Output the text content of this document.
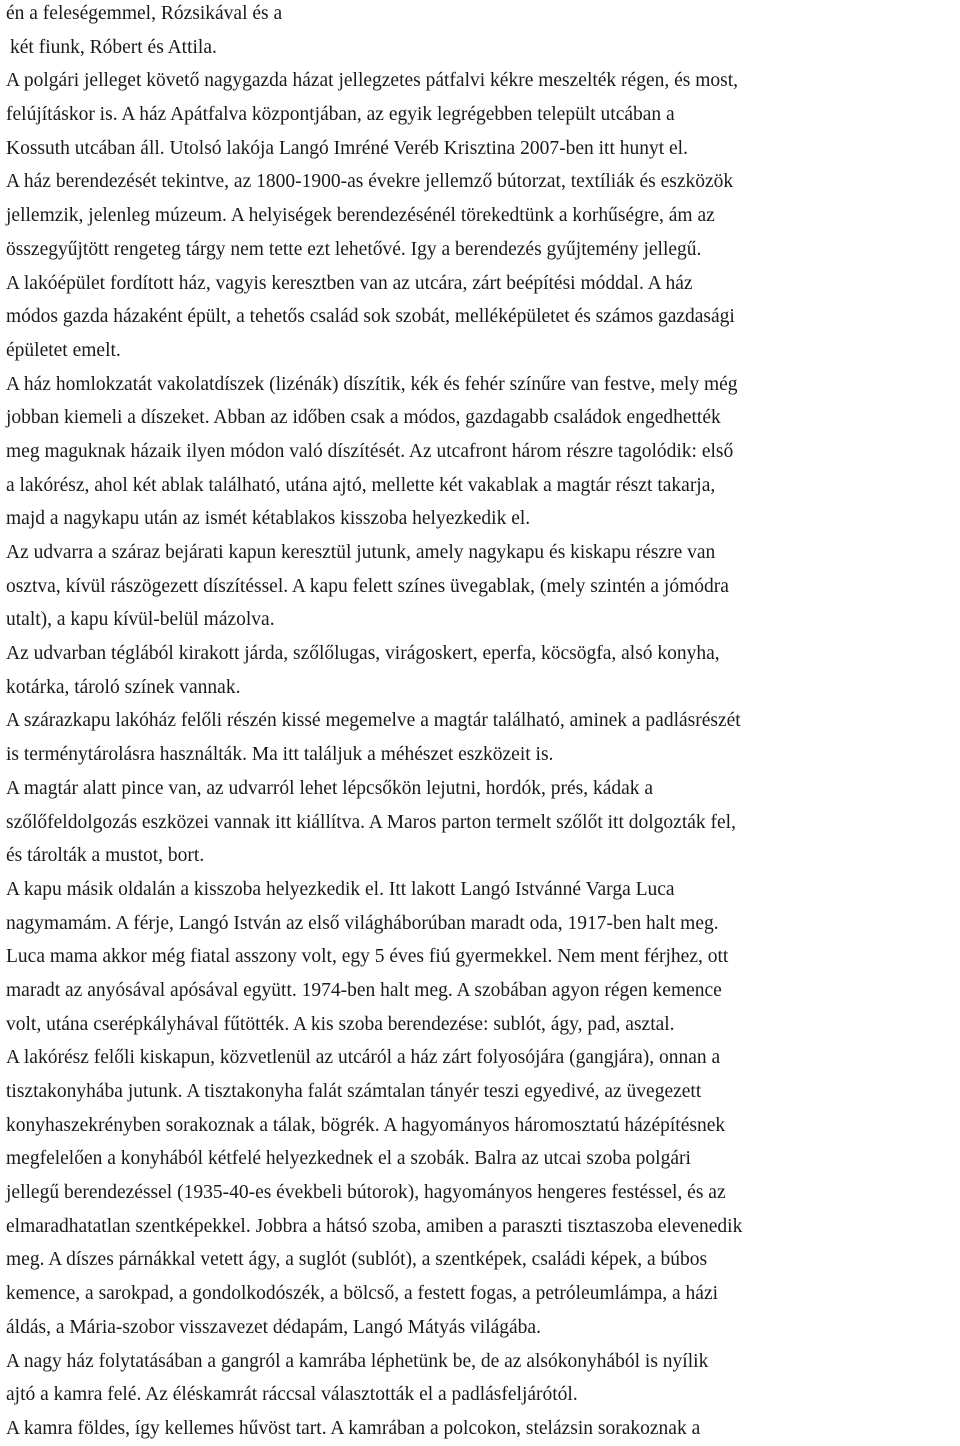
én a feleségemmel, Rózsikával és a
két fiunk, Róbert és Attila.
A polgári jelleget követő nagygazda házat jellegzetes pátfalvi kékre meszelték régen, és most,
felújításkor is. A ház Apátfalva központjában, az egyik legrégebben települt utcában a
Kossuth utcában áll. Utolsó lakója Langó Imréné Veréb Krisztina 2007-ben itt hunyt el.
A ház berendezését tekintve, az 1800-1900-as évekre jellemző bútorzat, textíliák és eszközök
jellemzik, jelenleg múzeum. A helyiségek berendezésénél törekedtünk a korhűségre, ám az
összegyűjtött rengeteg tárgy nem tette ezt lehetővé. Igy a berendezés gyűjtemény jellegű.
A lakóépület fordított ház, vagyis keresztben van az utcára, zárt beépítési móddal. A ház
módos gazda házaként épült, a tehetős család sok szobát, melléképületet és számos gazdasági
épületet emelt.
A ház homlokzatát vakolatdíszek (lizénák) díszítik, kék és fehér színűre van festve, mely még
jobban kiemeli a díszeket. Abban az időben csak a módos, gazdagabb családok engedhették
meg maguknak házaik ilyen módon való díszítését. Az utcafront három részre tagolódik: első
a lakórész, ahol két ablak található, utána ajtó, mellette két vakablak a magtár részt takarja,
majd a nagykapu után az ismét kétablakos kisszoba helyezkedik el.
Az udvarra a száraz bejárati kapun keresztül jutunk, amely nagykapu és kiskapu részre van
osztva, kívül rászögezett díszítéssel. A kapu felett színes üvegablak, (mely szintén a jómódra
utalt), a kapu kívül-belül mázolva.
Az udvarban téglából kirakott járda, szőlőlugas, virágoskert, eperfa, köcsögfa, alsó konyha,
kotárka, tároló színek vannak.
A szárazkapu lakóház felőli részén kissé megemelve a magtár található, aminek a padlásrészét
is terménytárolásra használták. Ma itt találjuk a méhészet eszközeit is.
A magtár alatt pince van, az udvarról lehet lépcsőkön lejutni, hordók, prés, kádak a
szőlőfeldolgozás eszközei vannak itt kiállítva. A Maros parton termelt szőlőt itt dolgozták fel,
és tárolták a mustot, bort.
A kapu másik oldalán a kisszoba helyezkedik el. Itt lakott Langó Istvánné Varga Luca
nagymamám. A férje, Langó István az első világháborúban maradt oda, 1917-ben halt meg.
Luca mama akkor még fiatal asszony volt, egy 5 éves fiú gyermekkel. Nem ment férjhez, ott
maradt az anyósával apósával együtt. 1974-ben halt meg. A szobában agyon régen kemence
volt, utána cserépkályhával fűtötték. A kis szoba berendezése: sublót, ágy, pad, asztal.
A lakórész felőli kiskapun, közvetlenül az utcáról a ház zárt folyosójára (gangjára), onnan a
tisztakonyhába jutunk. A tisztakonyha falát számtalan tányér teszi egyedivé, az üvegezett
konyhaszekrényben sorakoznak a tálak, bögrék. A hagyományos háromosztatú házépítésnek
megfelelően a konyhából kétfelé helyezkednek el a szobák. Balra az utcai szoba polgári
jellegű berendezéssel (1935-40-es évekbeli bútorok), hagyományos hengeres festéssel, és az
elmaradhatatlan szentképekkel. Jobbra a hátsó szoba, amiben a paraszti tisztaszoba elevenedik
meg. A díszes párnákkal vetett ágy, a suglót (sublót), a szentképek, családi képek, a búbos
kemence, a sarokpad, a gondolkodószék, a bölcső, a festett fogas, a petróleumlámpa, a házi
áldás, a Mária-szobor visszavezet dédapám, Langó Mátyás világába.
A nagy ház folytatásában a gangról a kamrába léphetünk be, de az alsókonyhából is nyílik
ajtó a kamra felé. Az éléskamrát ráccsal választották el a padlásfeljárótól.
A kamra földes, így kellemes hűvöst tart. A kamrában a polcokon, stelázsin sorakoznak a
